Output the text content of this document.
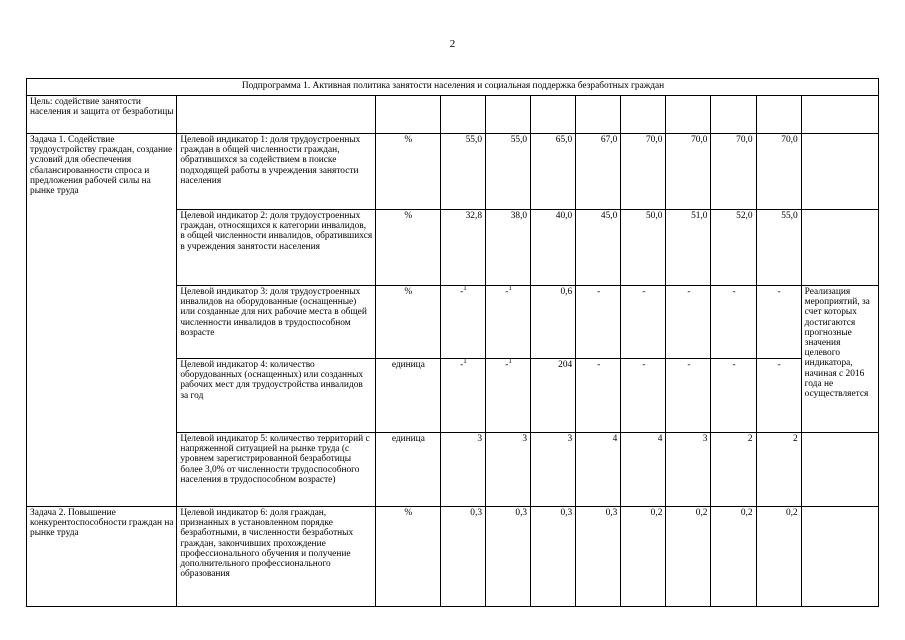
2
Подпрограмма 1. Активная политика занятости населения и социальная поддержка безработных граждан											
Цель: содействие занятости населения и защита от безработицы											
Задача 1. Содействие трудоустройству граждан, создание условий для обеспечения сбалансированности спроса и предложения рабочей силы на рынке труда	Целевой индикатор 1: доля трудоустроенных граждан в общей численности граждан, обратившихся за содействием в поиске подходящей работы в учреждения занятости населения	%	55,0	55,0	65,0	67,0	70,0	70,0	70,0	70,0	
	Целевой индикатор 2: доля трудоустроенных граждан, относящихся к категории инвалидов, в общей численности инвалидов, обратившихся в учреждения занятости населения	%	32,8	38,0	40,0	45,0	50,0	51,0	52,0	55,0	
	Целевой индикатор 3: доля трудоустроенных инвалидов на оборудованные (оснащенные) или созданные для них рабочие места в общей численности инвалидов в трудоспособном возрасте	%	-$^1$	-$^1$	0,6	-	-	-	-	-	Реализация мероприятий, за счет которых достигаются прогнозные значения целевого индикатора, начиная с 2016 года не осуществляется
	Целевой индикатор 4: количество оборудованных (оснащенных) или созданных рабочих мест для трудоустройства инвалидов за год	единица	-$^1$	-$^1$	204	-	-	-	-	-	
	Целевой индикатор 5: количество территорий с напряженной ситуацией на рынке труда (с уровнем зарегистрированной безработицы более 3,0% от численности трудоспособного населения в трудоспособном возрасте)	единица	3	3	3	4	4	3	2	2	
Задача 2. Повышение конкурентоспособности граждан на рынке труда	Целевой индикатор 6: доля граждан, признанных в установленном порядке безработными, в численности безработных граждан, закончивших прохождение профессионального обучения и получение дополнительного профессионального образования	%	0,3	0,3	0,3	0,3	0,2	0,2	0,2	0,2	
